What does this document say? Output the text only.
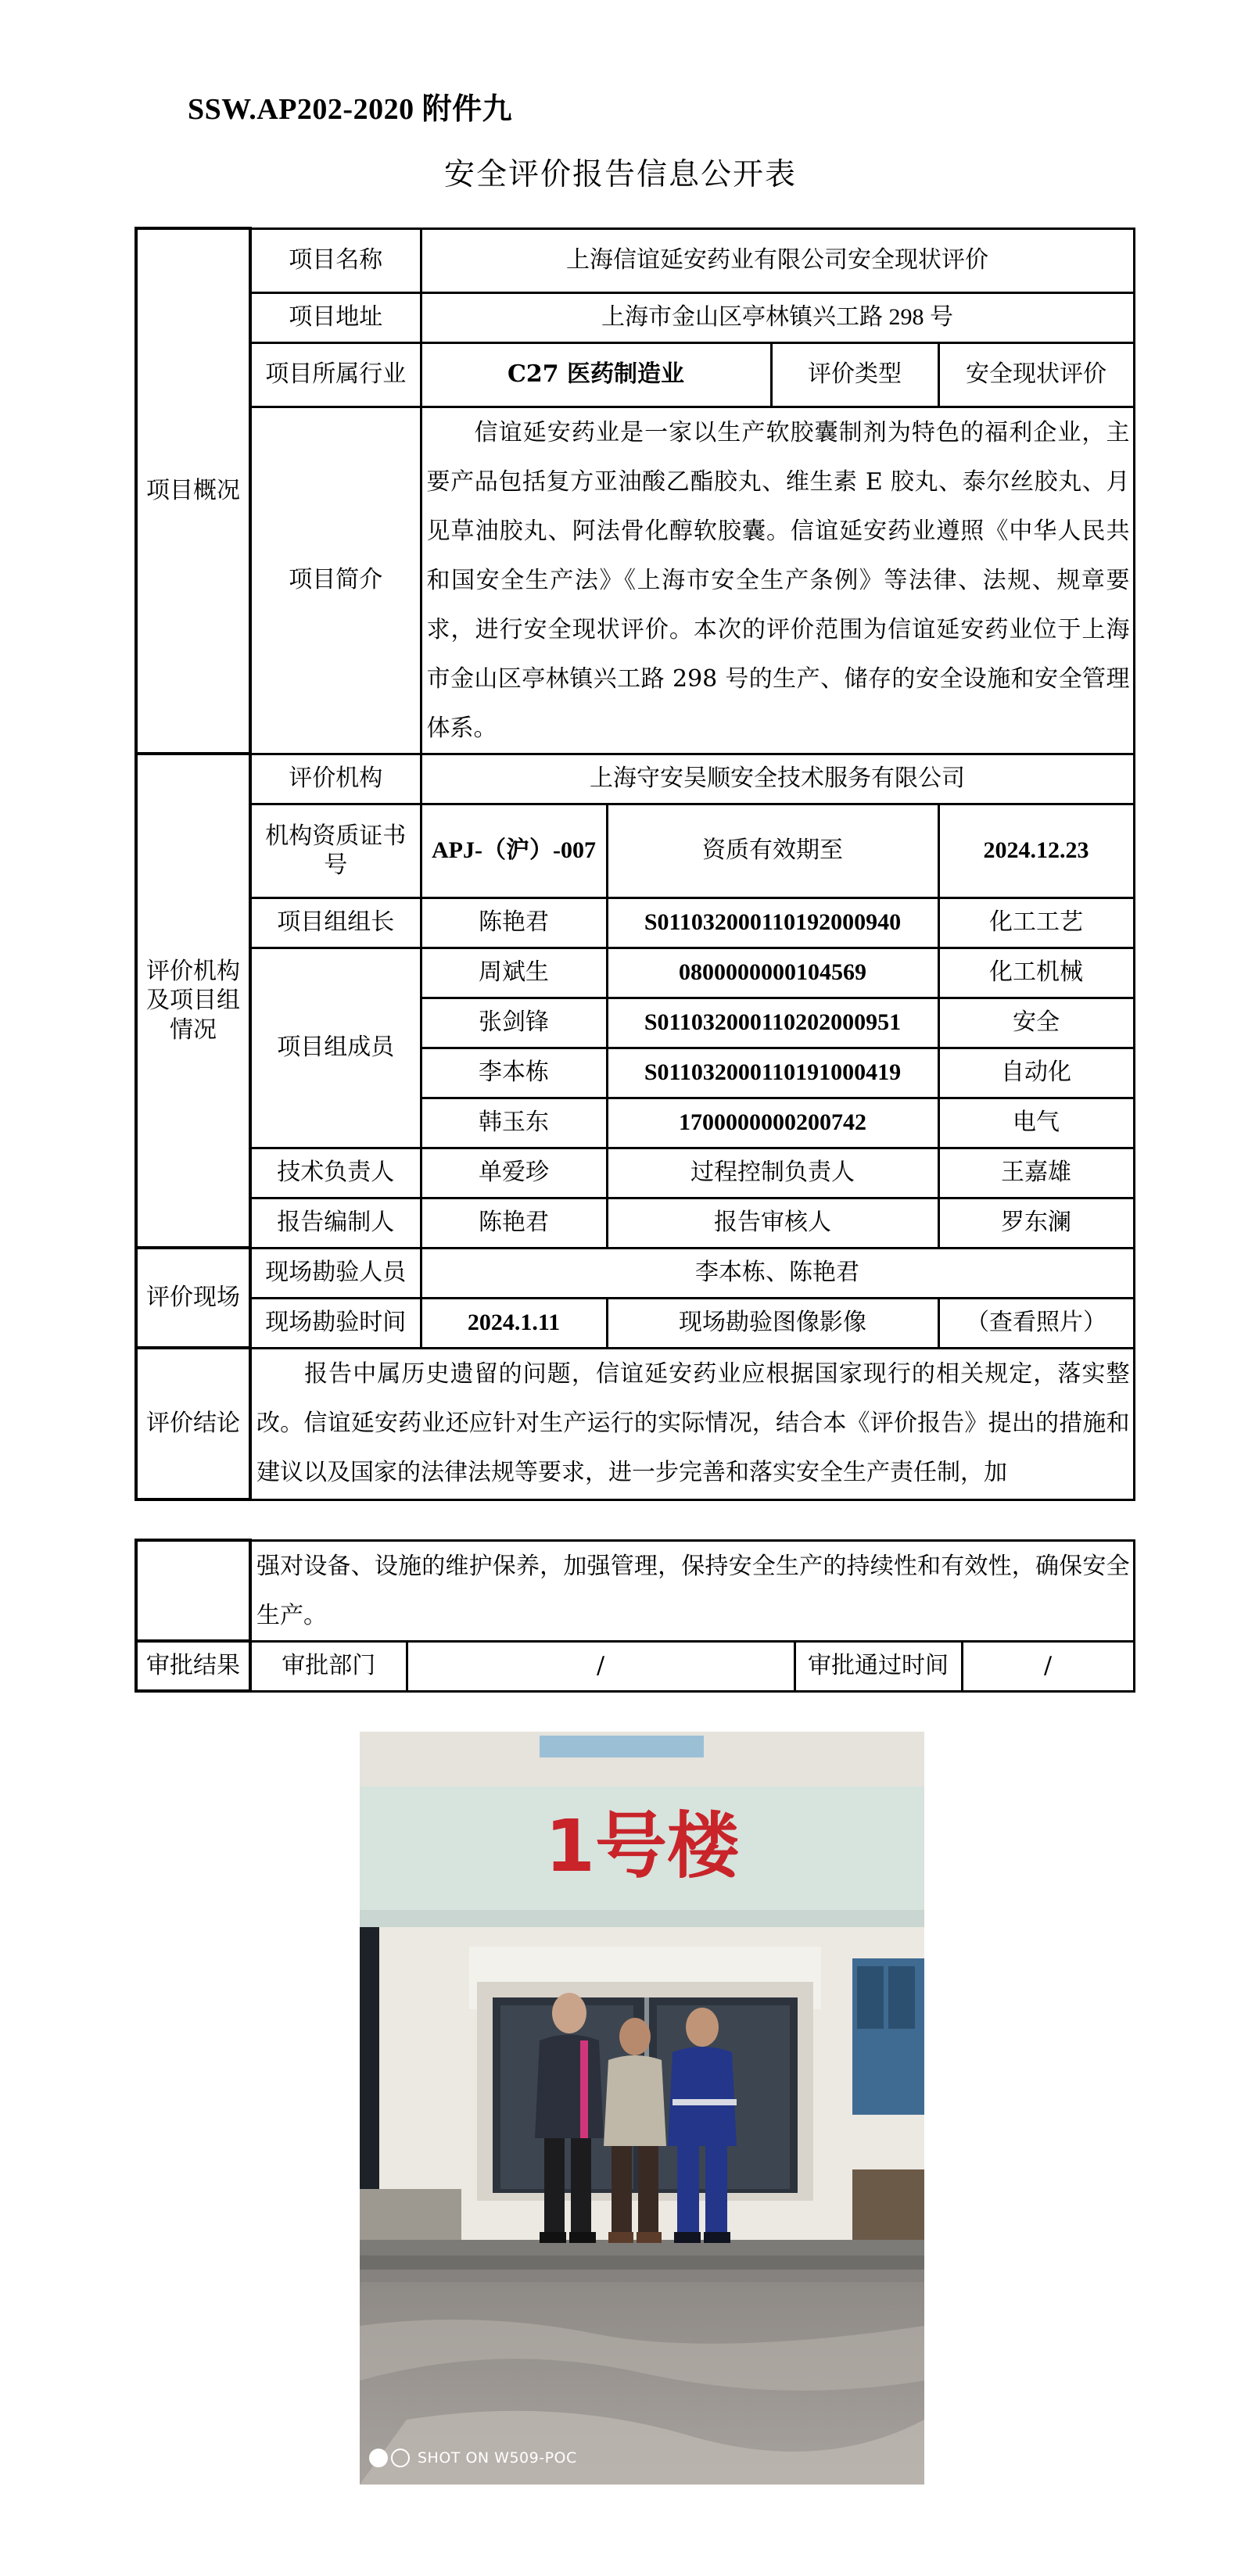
SSW.AP202-2020 附件九
安全评价报告信息公开表
项目概况	项目名称	上海信谊延安药业有限公司安全现状评价			
	项目地址	上海市金山区亭林镇兴工路 298 号			
	项目所属行业	C27 医药制造业		评价类型	安全现状评价
	项目简介	信谊延安药业是一家以生产软胶囊制剂为特色的福利企业，主要产品包括复方亚油酸乙酯胶丸、维生素 E 胶丸、泰尔丝胶丸、月见草油胶丸、阿法骨化醇软胶囊。信谊延安药业遵照《中华人民共和国安全生产法》《上海市安全生产条例》等法律、法规、规章要求，进行安全现状评价。本次的评价范围为信谊延安药业位于上海市金山区亭林镇兴工路 298 号的生产、储存的安全设施和安全管理体系。			
评价机构及项目组情况	评价机构	上海守安吴顺安全技术服务有限公司			
	机构资质证书号	APJ-（沪）-007	资质有效期至		2024.12.23
	项目组组长	陈艳君	S011032000110192000940		化工工艺
	项目组成员	周斌生	0800000000104569		化工机械
		张剑锋	S011032000110202000951		安全
		李本栋	S011032000110191000419		自动化
		韩玉东	1700000000200742		电气
	技术负责人	单爱珍	过程控制负责人		王嘉雄
	报告编制人	陈艳君	报告审核人		罗东澜

评价现场	现场勘验人员	李本栋、陈艳君			
	现场勘验时间	2024.1.11	现场勘验图像影像		（查看照片）
评价结论	报告中属历史遗留的问题，信谊延安药业应根据国家现行的相关规定，落实整改。信谊延安药业还应针对生产运行的实际情况，结合本《评价报告》提出的措施和建议以及国家的法律法规等要求，进一步完善和落实安全生产责任制，加				
	强对设备、设施的维护保养，加强管理，保持安全生产的持续性和有效性，确保安全生产。			
审批结果	审批部门	/	审批通过时间	/
1号楼
SHOT ON W509-POC
